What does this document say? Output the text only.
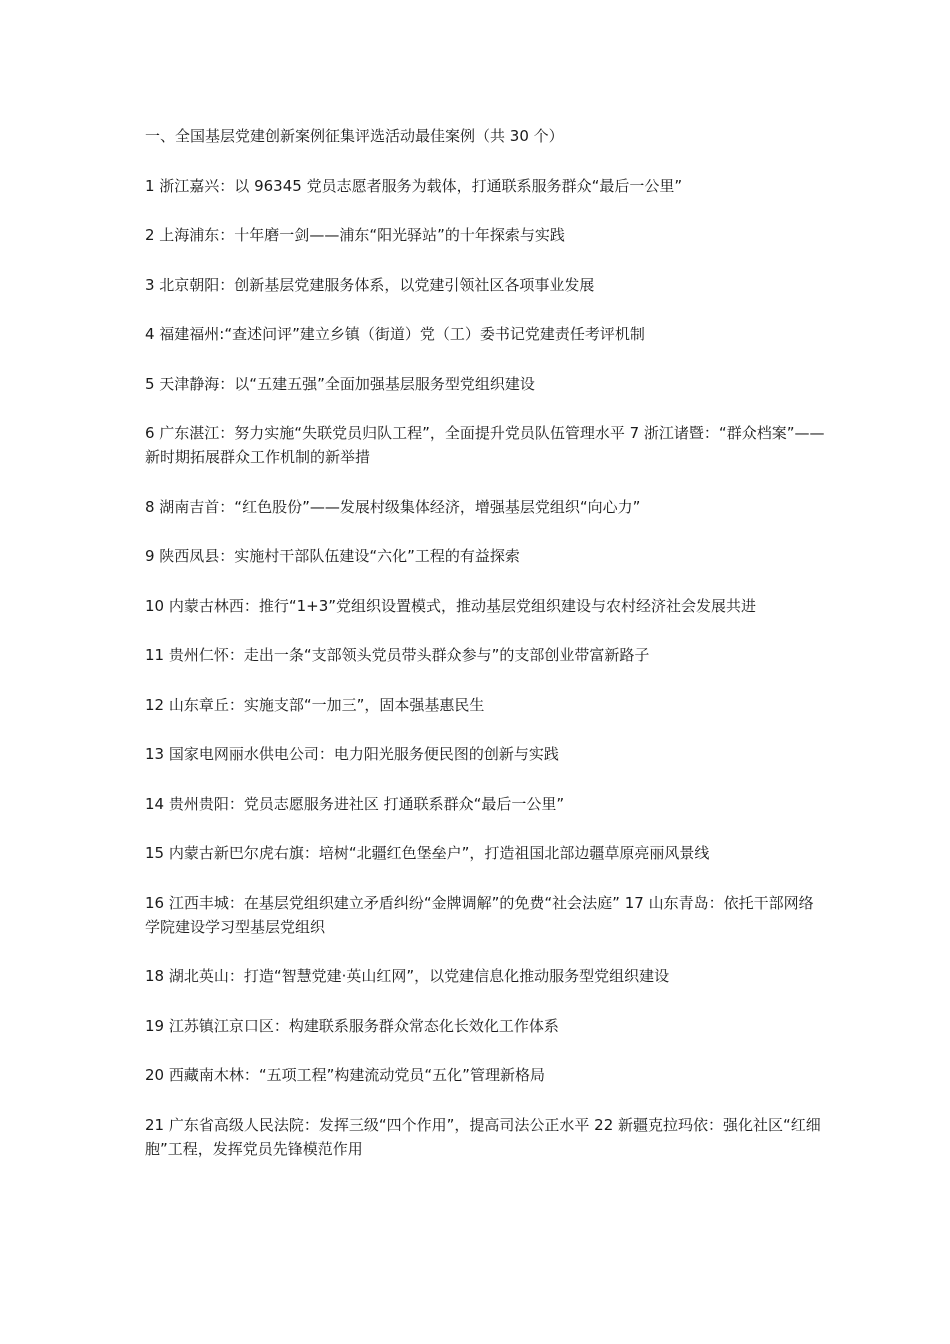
一、全国基层党建创新案例征集评选活动最佳案例（共 30 个）

1 浙江嘉兴：以 96345 党员志愿者服务为载体，打通联系服务群众“最后一公里”

2 上海浦东：十年磨一剑——浦东“阳光驿站”的十年探索与实践

3 北京朝阳：创新基层党建服务体系，以党建引领社区各项事业发展

4 福建福州:“查述问评”建立乡镇（街道）党（工）委书记党建责任考评机制

5 天津静海：以“五建五强”全面加强基层服务型党组织建设

6 广东湛江：努力实施“失联党员归队工程”，全面提升党员队伍管理水平 7 浙江诸暨：“群众档案”——新时期拓展群众工作机制的新举措

8 湖南吉首：“红色股份”——发展村级集体经济，增强基层党组织“向心力”

9 陕西凤县：实施村干部队伍建设“六化”工程的有益探索

10 内蒙古林西：推行“1+3”党组织设置模式，推动基层党组织建设与农村经济社会发展共进

11 贵州仁怀：走出一条“支部领头党员带头群众参与”的支部创业带富新路子

12 山东章丘：实施支部“一加三”，固本强基惠民生

13 国家电网丽水供电公司：电力阳光服务便民图的创新与实践

14 贵州贵阳：党员志愿服务进社区 打通联系群众“最后一公里”

15 内蒙古新巴尔虎右旗：培树“北疆红色堡垒户”，打造祖国北部边疆草原亮丽风景线

16 江西丰城：在基层党组织建立矛盾纠纷“金牌调解”的免费“社会法庭” 17 山东青岛：依托干部网络学院建设学习型基层党组织

18 湖北英山：打造“智慧党建·英山红网”，以党建信息化推动服务型党组织建设

19 江苏镇江京口区：构建联系服务群众常态化长效化工作体系

20 西藏南木林：“五项工程”构建流动党员“五化”管理新格局

21 广东省高级人民法院：发挥三级“四个作用”，提高司法公正水平 22 新疆克拉玛依：强化社区“红细胞”工程，发挥党员先锋模范作用
